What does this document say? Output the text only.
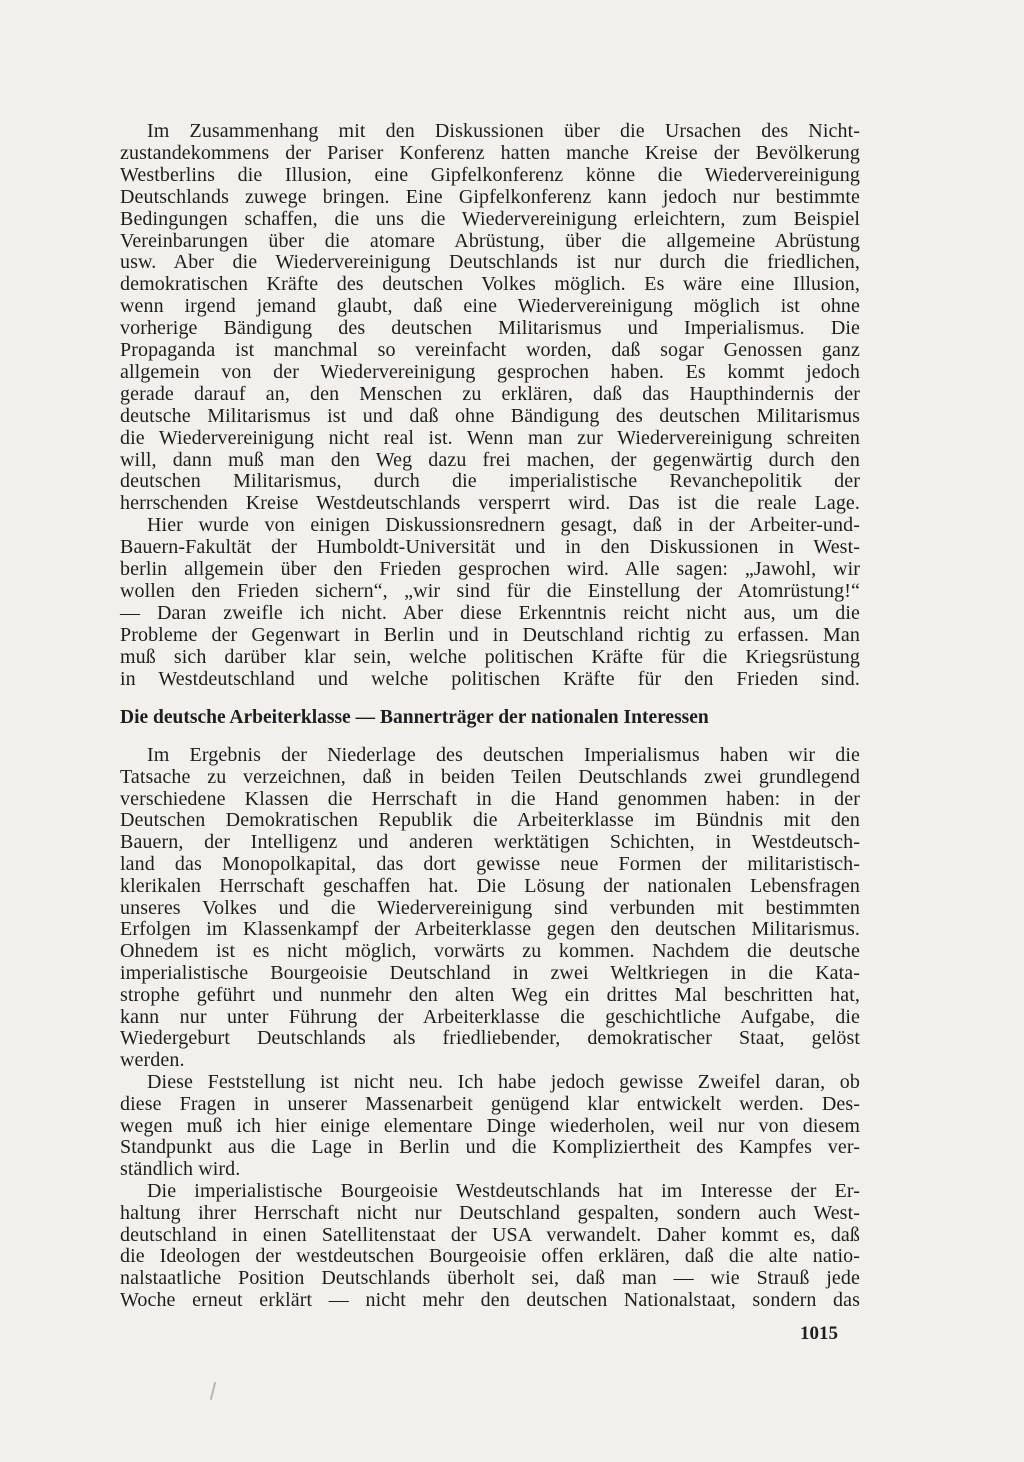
Im Zusammenhang mit den Diskussionen über die Ursachen des Nicht-
zustandekommens der Pariser Konferenz hatten manche Kreise der Bevölkerung
Westberlins die Illusion, eine Gipfelkonferenz könne die Wiedervereinigung
Deutschlands zuwege bringen. Eine Gipfelkonferenz kann jedoch nur bestimmte
Bedingungen schaffen, die uns die Wiedervereinigung erleichtern, zum Beispiel
Vereinbarungen über die atomare Abrüstung, über die allgemeine Abrüstung
usw. Aber die Wiedervereinigung Deutschlands ist nur durch die friedlichen,
demokratischen Kräfte des deutschen Volkes möglich. Es wäre eine Illusion,
wenn irgend jemand glaubt, daß eine Wiedervereinigung möglich ist ohne
vorherige Bändigung des deutschen Militarismus und Imperialismus. Die
Propaganda ist manchmal so vereinfacht worden, daß sogar Genossen ganz
allgemein von der Wiedervereinigung gesprochen haben. Es kommt jedoch
gerade darauf an, den Menschen zu erklären, daß das Haupthindernis der
deutsche Militarismus ist und daß ohne Bändigung des deutschen Militarismus
die Wiedervereinigung nicht real ist. Wenn man zur Wiedervereinigung schreiten
will, dann muß man den Weg dazu frei machen, der gegenwärtig durch den
deutschen Militarismus, durch die imperialistische Revanchepolitik der
herrschenden Kreise Westdeutschlands versperrt wird. Das ist die reale Lage.
Hier wurde von einigen Diskussionsrednern gesagt, daß in der Arbeiter-und-
Bauern-Fakultät der Humboldt-Universität und in den Diskussionen in West-
berlin allgemein über den Frieden gesprochen wird. Alle sagen: „Jawohl, wir
wollen den Frieden sichern“, „wir sind für die Einstellung der Atomrüstung!“
— Daran zweifle ich nicht. Aber diese Erkenntnis reicht nicht aus, um die
Probleme der Gegenwart in Berlin und in Deutschland richtig zu erfassen. Man
muß sich darüber klar sein, welche politischen Kräfte für die Kriegsrüstung
in Westdeutschland und welche politischen Kräfte für den Frieden sind.
Die deutsche Arbeiterklasse — Bannerträger der nationalen Interessen
Im Ergebnis der Niederlage des deutschen Imperialismus haben wir die
Tatsache zu verzeichnen, daß in beiden Teilen Deutschlands zwei grundlegend
verschiedene Klassen die Herrschaft in die Hand genommen haben: in der
Deutschen Demokratischen Republik die Arbeiterklasse im Bündnis mit den
Bauern, der Intelligenz und anderen werktätigen Schichten, in Westdeutsch-
land das Monopolkapital, das dort gewisse neue Formen der militaristisch-
klerikalen Herrschaft geschaffen hat. Die Lösung der nationalen Lebensfragen
unseres Volkes und die Wiedervereinigung sind verbunden mit bestimmten
Erfolgen im Klassenkampf der Arbeiterklasse gegen den deutschen Militarismus.
Ohnedem ist es nicht möglich, vorwärts zu kommen. Nachdem die deutsche
imperialistische Bourgeoisie Deutschland in zwei Weltkriegen in die Kata-
strophe geführt und nunmehr den alten Weg ein drittes Mal beschritten hat,
kann nur unter Führung der Arbeiterklasse die geschichtliche Aufgabe, die
Wiedergeburt Deutschlands als friedliebender, demokratischer Staat, gelöst
werden.
Diese Feststellung ist nicht neu. Ich habe jedoch gewisse Zweifel daran, ob
diese Fragen in unserer Massenarbeit genügend klar entwickelt werden. Des-
wegen muß ich hier einige elementare Dinge wiederholen, weil nur von diesem
Standpunkt aus die Lage in Berlin und die Kompliziertheit des Kampfes ver-
ständlich wird.
Die imperialistische Bourgeoisie Westdeutschlands hat im Interesse der Er-
haltung ihrer Herrschaft nicht nur Deutschland gespalten, sondern auch West-
deutschland in einen Satellitenstaat der USA verwandelt. Daher kommt es, daß
die Ideologen der westdeutschen Bourgeoisie offen erklären, daß die alte natio-
nalstaatliche Position Deutschlands überholt sei, daß man — wie Strauß jede
Woche erneut erklärt — nicht mehr den deutschen Nationalstaat, sondern das
1015
